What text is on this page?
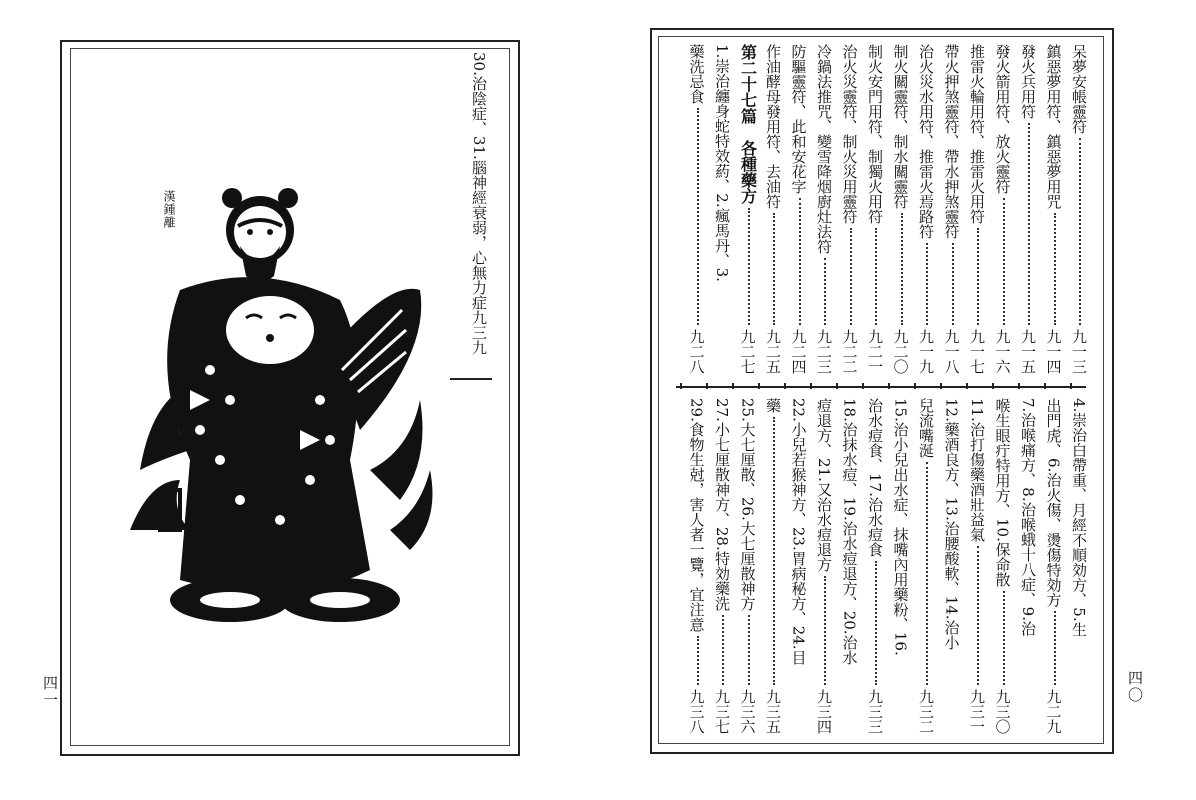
30.治陰症、31.腦神經衰弱，心無力症
九三九
漢鍾離
四一
呆夢安帳靈符
九一三
鎮惡夢用符、鎮惡夢用咒
九一四
發火兵用符
九一五
發火箭用符、放火靈符
九一六
推雷火輪用符、推雷火用符
九一七
帶火押煞靈符、帶水押煞靈符
九一八
治火災水用符、推雷火焉路符
九一九
制火關靈符、制水關靈符
九二〇
制火安門用符、制獨火用符
九二一
治火災靈符、制火災用靈符
九二二
冷鍋法推咒、變雪降烟廚灶法符
九二三
防驅靈符、此和安花字
九二四
作油酵母發用符、去油符
九二五
第二十七篇　各種藥方
九二七
1.崇治纏身蛇特效葯、2.瘋馬丹、3.
藥洗忌食
九二八
4.崇治白帶重、月經不順効方、5.生
出門虎、6.治火傷、燙傷特効方
九二九
7.治喉痛方、8.治喉蛾十八症、9.治
喉生眼疔特用方、10.保命散
九三〇
11.治打傷藥酒壯益氣
九三一
12.藥酒良方、13.治腰酸軟、14.治小
兒流嘴涎
九三二
15.治小兒出水症、抹嘴內用藥粉、16.
治水痘食、17.治水痘食
九三三
18.治抹水痘、19.治水痘退方、20.治水
痘退方、21.又治水痘退方
九三四
22.小兒若猴神方、23.胃病秘方、24.目
藥
九三五
25.大七厘散、26.大七厘散神方
九三六
27.小七厘散神方、28.特効藥洗
九三七
29.食物生尅，害人者一覽，宜注意
九三八
四〇
